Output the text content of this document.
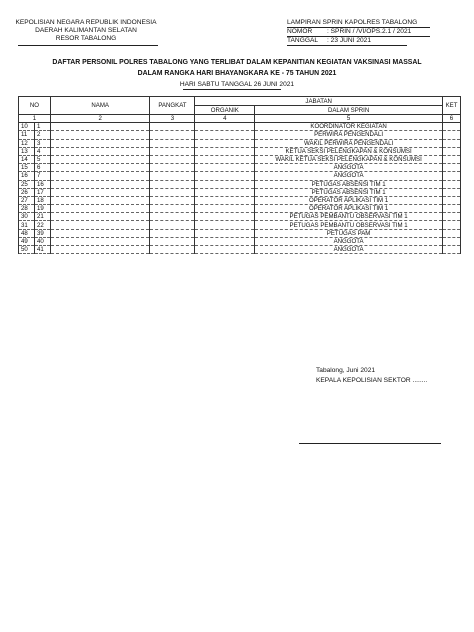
KEPOLISIAN NEGARA REPUBLIK INDONESIA
DAERAH KALIMANTAN SELATAN
RESOR TABALONG
LAMPIRAN SPRIN KAPOLRES TABALONG
NOMOR : SPRIN / /VI/OPS.2.1 / 2021
TANGGAL : 23 JUNI 2021
DAFTAR PERSONIL POLRES TABALONG YANG TERLIBAT DALAM KEPANITIAN KEGIATAN VAKSINASI MASSAL
DALAM RANGKA HARI BHAYANGKARA KE - 75 TAHUN 2021
HARI SABTU TANGGAL 26 JUNI 2021
NO		NAMA	PANGKAT	JABATAN		KET
				ORGANIK	DALAM SPRIN	
1		2	3	4	5	6
10	1				KOORDINATOR KEGIATAN	
11	2				PERWIRA PENGENDALI	
12	3				WAKIL PERWIRA PENGENDALI	
13	4				KETUA SEKSI PELENGKAPAN & KONSUMSI	
14	5				WAKIL KETUA SEKSI PELENGKAPAN & KONSUMSI	
15	6				ANGGOTA	
16	7				ANGGOTA	
25	16				PETUGAS ABSENSI TIM 1	
26	17				PETUGAS ABSENSI TIM 1	
27	18				OPERATOR APLIKASI TIM 1	
28	19				OPERATOR APLIKASI TIM 1	
30	21				PETUGAS PEMBANTU OBSERVASI TIM 1	
31	22				PETUGAS PEMBANTU OBSERVASI TIM 1	
48	39				PETUGAS PAM	
49	40				ANGGOTA	
50	41				ANGGOTA	
Tabalong, Juni 2021
KEPALA KEPOLISIAN SEKTOR ........
